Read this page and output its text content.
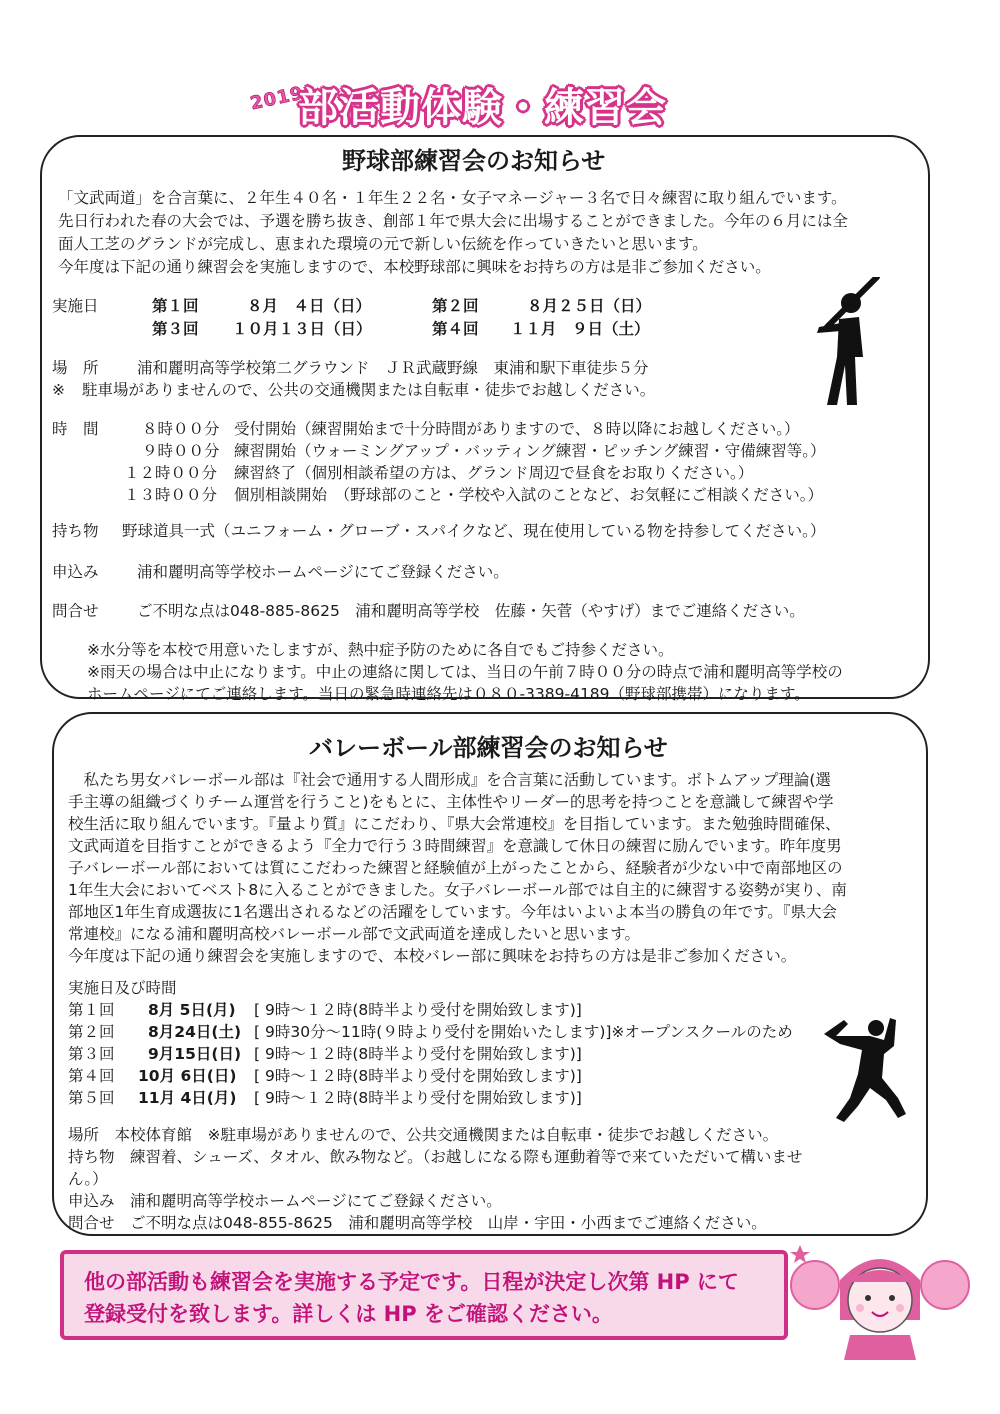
2019
部活動体験・練習会
野球部練習会のお知らせ
「文武両道」を合言葉に、２年生４０名・１年生２２名・女子マネージャー３名で日々練習に取り組んでいます。
先日行われた春の大会では、予選を勝ち抜き、創部１年で県大会に出場することができました。今年の６月には全
面人工芝のグランドが完成し、恵まれた環境の元で新しい伝統を作っていきたいと思います。
今年度は下記の通り練習会を実施しますので、本校野球部に興味をお持ちの方は是非ご参加ください。
実施日	第１回	８月　４日（日）	第２回	８月２５日（日）
第３回 １０月１３日（日）	第４回 １１月　９日（土）
場　所 浦和麗明高等学校第二グラウンド　ＪＲ武蔵野線　東浦和駅下車徒歩５分
※ 駐車場がありませんので、公共の交通機関または自転車・徒歩でお越しください。
時　間	８時００分 受付開始（練習開始まで十分時間がありますので、８時以降にお越しください。）
９時００分 練習開始（ウォーミングアップ・バッティング練習・ピッチング練習・守備練習等。）
１２時００分 練習終了（個別相談希望の方は、グランド周辺で昼食をお取りください。）
１３時００分 個別相談開始　（野球部のこと・学校や入試のことなど、お気軽にご相談ください。）
持ち物 野球道具一式（ユニフォーム・グローブ・スパイクなど、現在使用している物を持参してください。）
申込み 浦和麗明高等学校ホームページにてご登録ください。
問合せ ご不明な点は048-885-8625　浦和麗明高等学校　佐藤・矢菅（やすげ）までご連絡ください。
※水分等を本校で用意いたしますが、熱中症予防のために各自でもご持参ください。
※雨天の場合は中止になります。中止の連絡に関しては、当日の午前７時００分の時点で浦和麗明高等学校の
ホームページにてご連絡します。当日の緊急時連絡先は０８０-3389-4189（野球部携帯）になります。
バレーボール部練習会のお知らせ
　私たち男女バレーボール部は『社会で通用する人間形成』を合言葉に活動しています。ボトムアップ理論(選
手主導の組織づくりチーム運営を行うこと)をもとに、主体性やリーダー的思考を持つことを意識して練習や学
校生活に取り組んでいます。『量より質』にこだわり、『県大会常連校』を目指しています。また勉強時間確保、
文武両道を目指すことができるよう『全力で行う３時間練習』を意識して休日の練習に励んでいます。昨年度男
子バレーボール部においては質にこだわった練習と経験値が上がったことから、経験者が少ない中で南部地区の
1年生大会においてベスト8に入ることができました。女子バレーボール部では自主的に練習する姿勢が実り、南
部地区1年生育成選抜に1名選出されるなどの活躍をしています。今年はいよいよ本当の勝負の年です。『県大会
常連校』になる浦和麗明高校バレーボール部で文武両道を達成したいと思います。
今年度は下記の通り練習会を実施しますので、本校バレー部に興味をお持ちの方は是非ご参加ください。
実施日及び時間
第１回 8月 5日(月) [ 9時～１２時(8時半より受付を開始致します)]
第２回 8月24日(土) [ 9時30分～11時(９時より受付を開始いたします)]※オープンスクールのため
第３回 9月15日(日) [ 9時～１２時(8時半より受付を開始致します)]
第４回 10月 6日(日) [ 9時～１２時(8時半より受付を開始致します)]
第５回 11月 4日(月) [ 9時～１２時(8時半より受付を開始致します)]
場所　本校体育館　※駐車場がありませんので、公共交通機関または自転車・徒歩でお越しください。
持ち物　練習着、シューズ、タオル、飲み物など。（お越しになる際も運動着等で来ていただいて構いませ
ん。）
申込み　浦和麗明高等学校ホームページにてご登録ください。
問合せ　ご不明な点は048-855-8625　浦和麗明高等学校　山岸・宇田・小西までご連絡ください。
他の部活動も練習会を実施する予定です。日程が決定し次第 HP にて
登録受付を致します。詳しくは HP をご確認ください。
